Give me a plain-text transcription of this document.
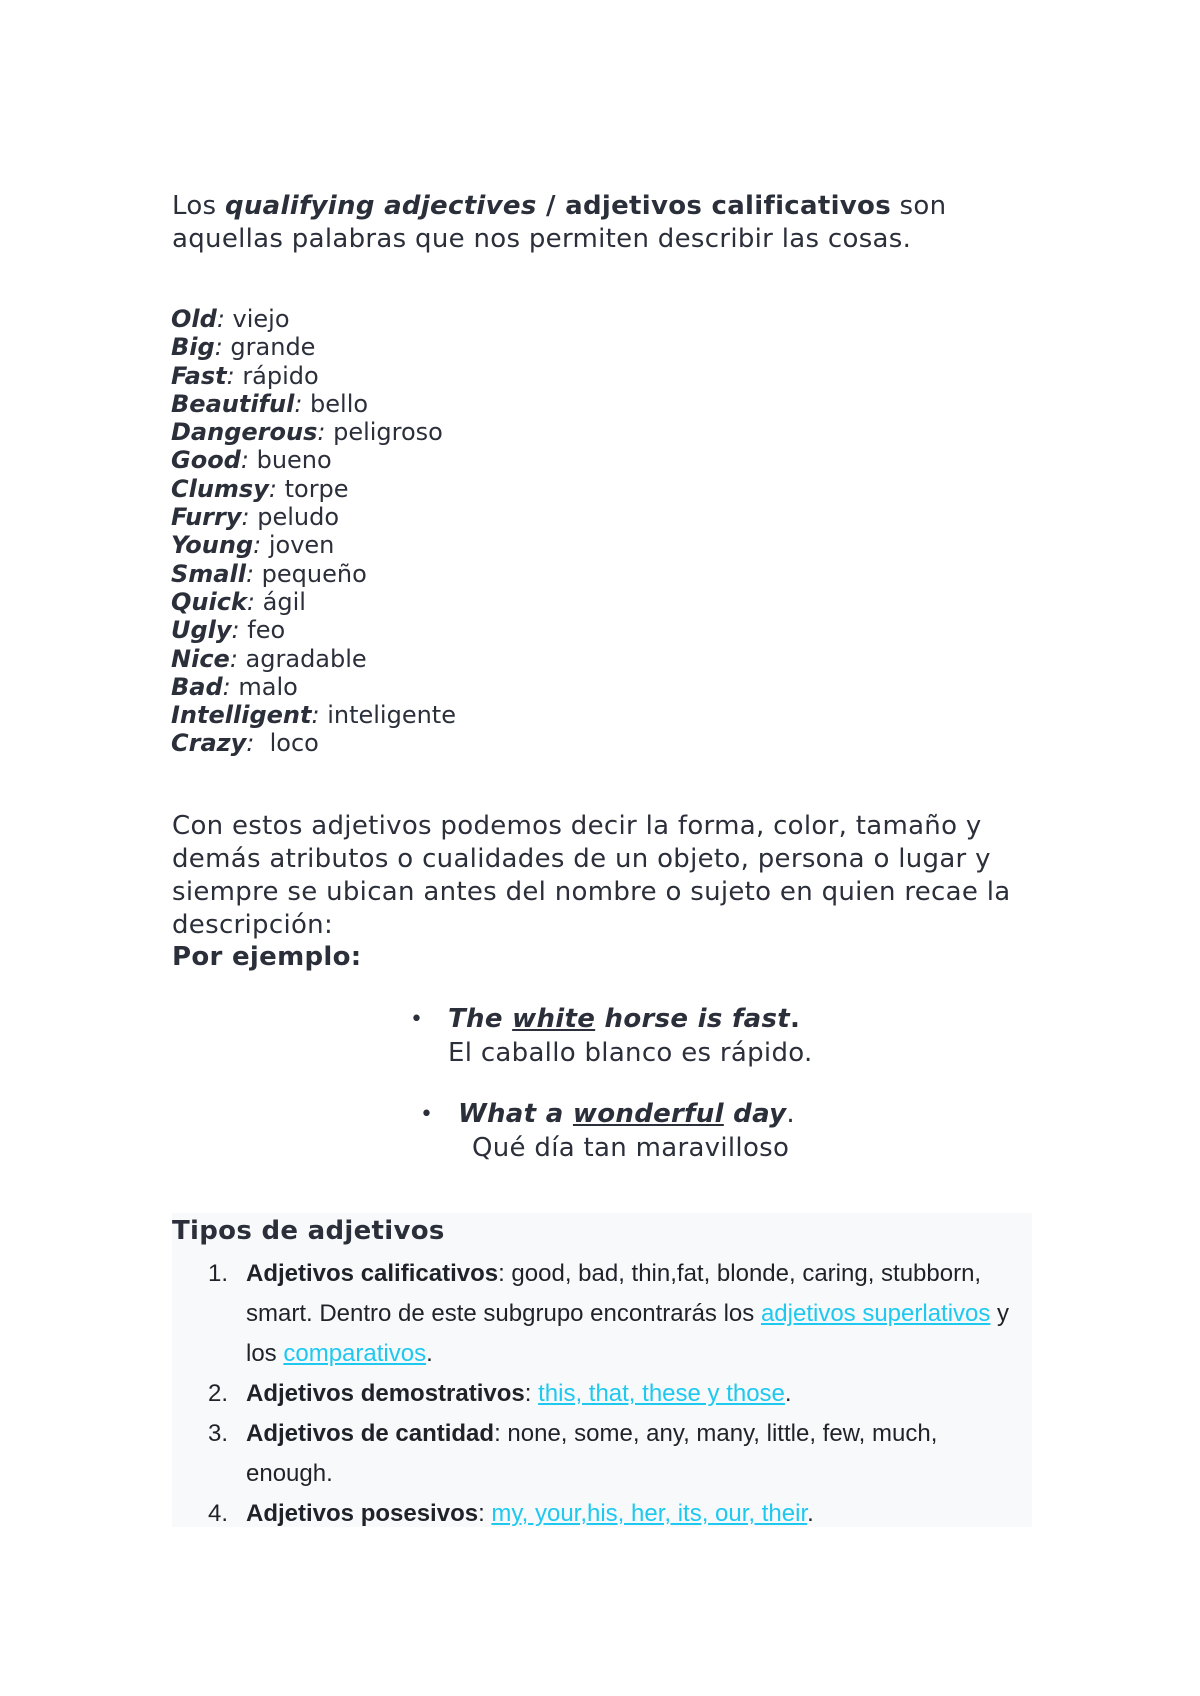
Los qualifying adjectives / adjetivos calificativos son aquellas palabras que nos permiten describir las cosas.
Old: viejo
Big: grande
Fast: rápido
Beautiful: bello
Dangerous: peligroso
Good: bueno
Clumsy: torpe
Furry: peludo
Young: joven
Small: pequeño
Quick: ágil
Ugly: feo
Nice: agradable
Bad: malo
Intelligent: inteligente
Crazy:  loco
Con estos adjetivos podemos decir la forma, color, tamaño y demás atributos o cualidades de un objeto, persona o lugar y siempre se ubican antes del nombre o sujeto en quien recae la descripción:
Por ejemplo:
• The white horse is fast.
El caballo blanco es rápido.
• What a wonderful day.
Qué día tan maravilloso
Tipos de adjetivos
1. Adjetivos calificativos: good, bad, thin,fat, blonde, caring, stubborn, smart. Dentro de este subgrupo encontrarás los adjetivos superlativos y los comparativos.
2. Adjetivos demostrativos: this, that, these y those.
3. Adjetivos de cantidad: none, some, any, many, little, few, much, enough.
4. Adjetivos posesivos: my, your,his, her, its, our, their.
